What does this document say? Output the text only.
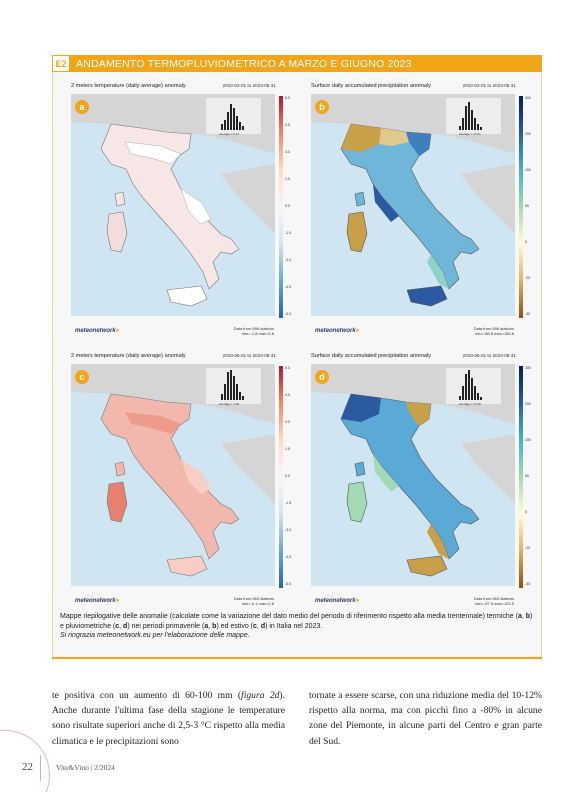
E2 ANDAMENTO TERMOPLUVIOMETRICO A MARZO E GIUGNO 2023
2 meters temperature (daily average) anomaly	2023-03-01 to 2023-05-31
average = 0.17
a
6.0
4.5
3.0
1.5
0.0
-1.5
-3.0
-4.5
-6.0
meteonetwork●	Data from 896 stations
min=-1.8 max=2.8
Surface daily accumulated precipitation anomaly	2023-03-01 to 2023-05-31
average = 17.91
b
300
200
100
50
0
-20
-40
meteonetwork●	Data from 896 stations
min=-88.8 max=165.8
2 meters temperature (daily average) anomaly	2023-06-01 to 2023-08-31
average = 1.09
c
6.0
4.5
3.0
1.5
0.0
-1.5
-3.0
-4.5
-6.0
meteonetwork●	Data from 563 stations
min=-0.1 max=2.8
Surface daily accumulated precipitation anomaly	2023-06-01 to 2023-08-31
average = 17.56
d
300
200
100
50
0
-20
-40
meteonetwork●	Data from 563 stations
min=-87.9 max=123.5
Mappe riepilogative delle anomalie (calcolate come la variazione del dato medio del periodo di riferimento rispetto alla media trentennale) termiche (a, b) e pluviometriche (c, d) nei periodi primaverile (a, b) ed estivo (c, d) in Italia nel 2023.
Si ringrazia meteonetwork.eu per l'elaborazione delle mappe.
te positiva con un aumento di 60-100 mm (figura 2d). Anche durante l'ultima fase della stagione le temperature sono risultate superiori anche di 2,5-3 °C rispetto alla media climatica e le precipitazioni sono
tornate a essere scarse, con una riduzione media del 10-12% rispetto alla norma, ma con picchi fino a -80% in alcune zone del Piemonte, in alcune parti del Centro e gran parte del Sud.
22	Vite&Vino | 2/2024
